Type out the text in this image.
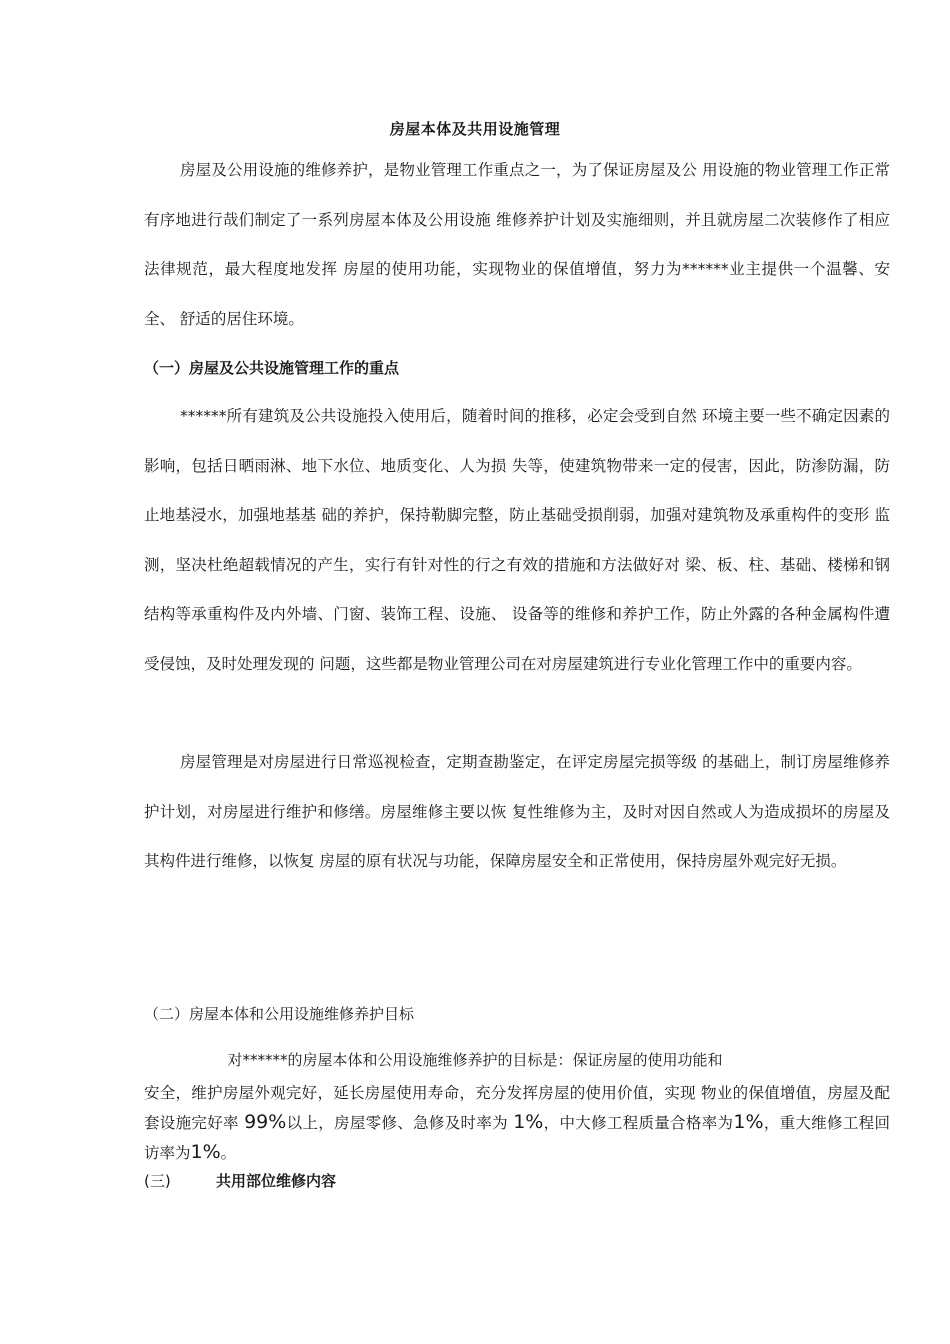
房屋本体及共用设施管理

房屋及公用设施的维修养护，是物业管理工作重点之一，为了保证房屋及公 用设施的物业管理工作正常有序地进行哉们制定了一系列房屋本体及公用设施 维修养护计划及实施细则，并且就房屋二次装修作了相应法律规范，最大程度地发挥 房屋的使用功能，实现物业的保值增值，努力为******业主提供一个温馨、安全、 舒适的居住环境。

（一）房屋及公共设施管理工作的重点

******所有建筑及公共设施投入使用后，随着时间的推移，必定会受到自然 环境主要一些不确定因素的影响，包括日晒雨淋、地下水位、地质变化、人为损 失等，使建筑物带来一定的侵害，因此，防渗防漏，防止地基浸水，加强地基基 础的养护，保持勒脚完整，防止基础受损削弱，加强对建筑物及承重构件的变形 监测，坚决杜绝超载情况的产生，实行有针对性的行之有效的措施和方法做好对 梁、板、柱、基础、楼梯和钢结构等承重构件及内外墙、门窗、装饰工程、设施、 设备等的维修和养护工作，防止外露的各种金属构件遭受侵蚀，及时处理发现的 问题，这些都是物业管理公司在对房屋建筑进行专业化管理工作中的重要内容。

房屋管理是对房屋进行日常巡视检查，定期查勘鉴定，在评定房屋完损等级 的基础上，制订房屋维修养护计划，对房屋进行维护和修缮。房屋维修主要以恢 复性维修为主，及时对因自然或人为造成损坏的房屋及其构件进行维修，以恢复 房屋的原有状况与功能，保障房屋安全和正常使用，保持房屋外观完好无损。

（二）房屋本体和公用设施维修养护目标

对******的房屋本体和公用设施维修养护的目标是：保证房屋的使用功能和

安全，维护房屋外观完好，延长房屋使用寿命，充分发挥房屋的使用价值，实现 物业的保值增值，房屋及配套设施完好率 99%以上，房屋零修、急修及时率为 1%，中大修工程质量合格率为1%，重大维修工程回访率为1%。

(三)	共用部位维修内容
